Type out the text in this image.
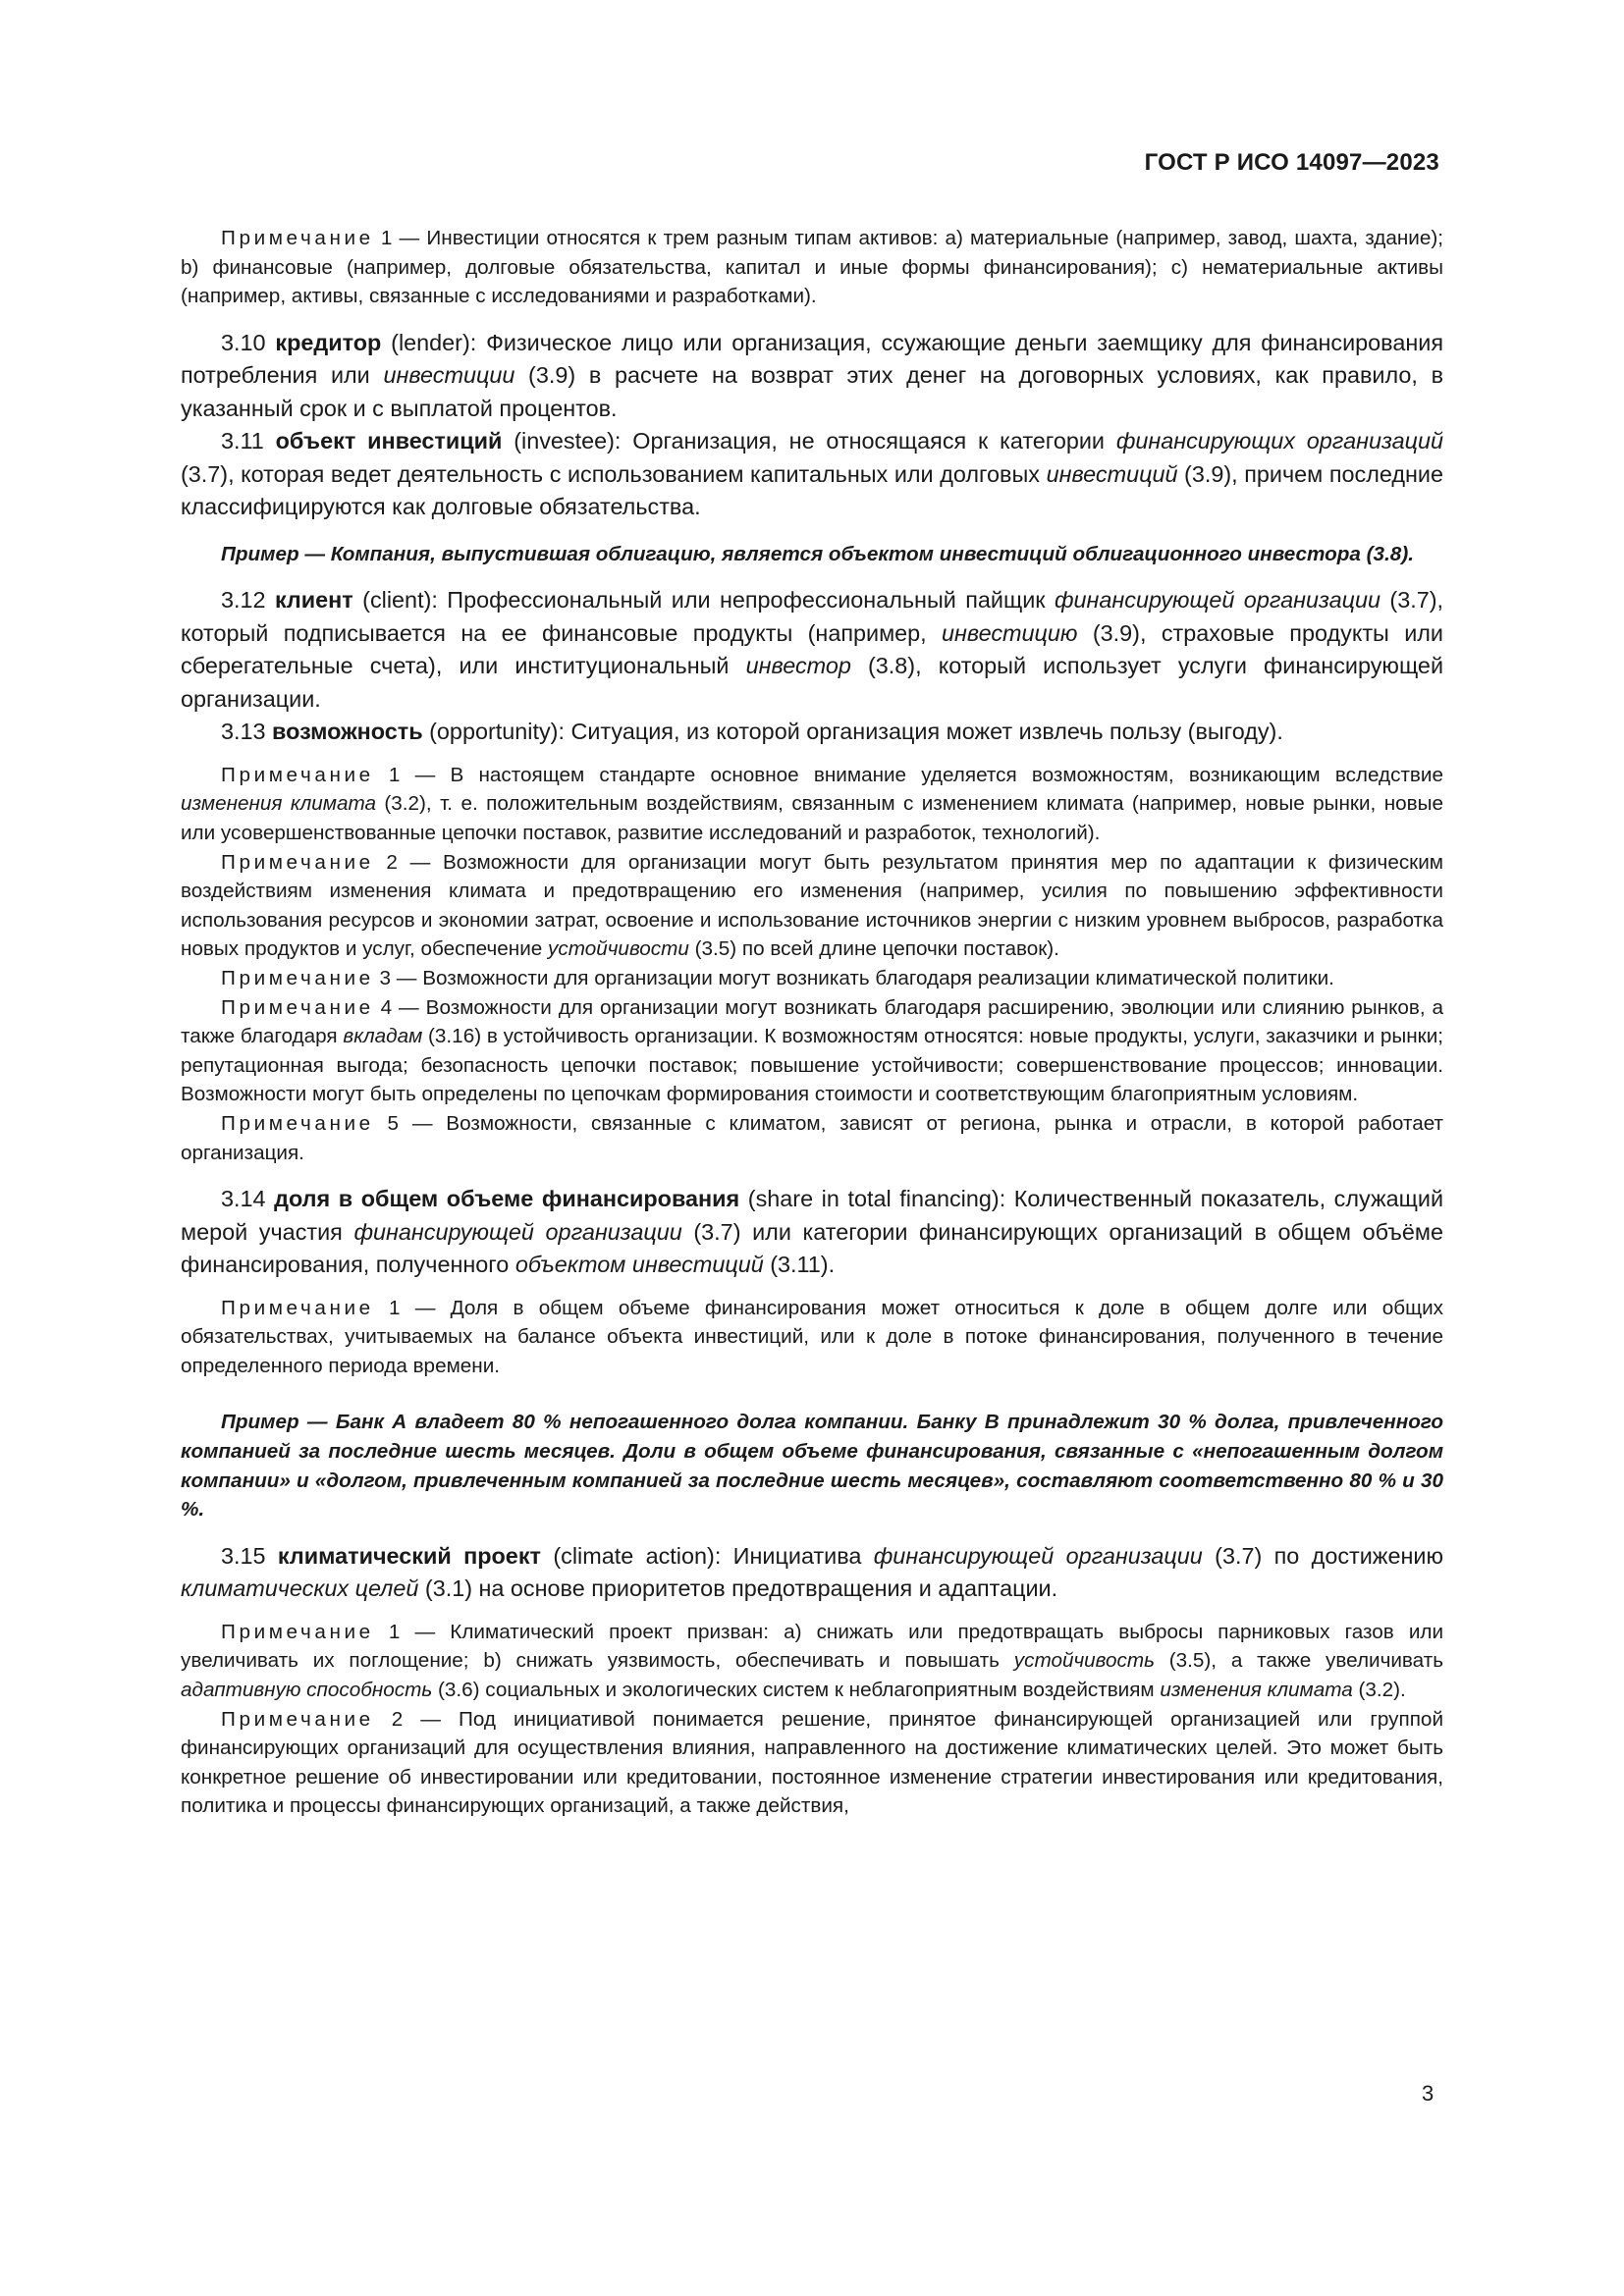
ГОСТ Р ИСО 14097—2023

Примечание 1 — Инвестиции относятся к трем разным типам активов: а) материальные (например, завод, шахта, здание); b) финансовые (например, долговые обязательства, капитал и иные формы финансирования); c) нематериальные активы (например, активы, связанные с исследованиями и разработками).

3.10 кредитор (lender): Физическое лицо или организация, ссужающие деньги заемщику для финансирования потребления или инвестиции (3.9) в расчете на возврат этих денег на договорных условиях, как правило, в указанный срок и с выплатой процентов.

3.11 объект инвестиций (investee): Организация, не относящаяся к категории финансирующих организаций (3.7), которая ведет деятельность с использованием капитальных или долговых инвестиций (3.9), причем последние классифицируются как долговые обязательства.

Пример — Компания, выпустившая облигацию, является объектом инвестиций облигационного инвестора (3.8).

3.12 клиент (client): Профессиональный или непрофессиональный пайщик финансирующей организации (3.7), который подписывается на ее финансовые продукты (например, инвестицию (3.9), страховые продукты или сберегательные счета), или институциональный инвестор (3.8), который использует услуги финансирующей организации.

3.13 возможность (opportunity): Ситуация, из которой организация может извлечь пользу (выгоду).

Примечание 1 — В настоящем стандарте основное внимание уделяется возможностям, возникающим вследствие изменения климата (3.2), т. е. положительным воздействиям, связанным с изменением климата (например, новые рынки, новые или усовершенствованные цепочки поставок, развитие исследований и разработок, технологий).

Примечание 2 — Возможности для организации могут быть результатом принятия мер по адаптации к физическим воздействиям изменения климата и предотвращению его изменения (например, усилия по повышению эффективности использования ресурсов и экономии затрат, освоение и использование источников энергии с низким уровнем выбросов, разработка новых продуктов и услуг, обеспечение устойчивости (3.5) по всей длине цепочки поставок).

Примечание 3 — Возможности для организации могут возникать благодаря реализации климатической политики.

Примечание 4 — Возможности для организации могут возникать благодаря расширению, эволюции или слиянию рынков, а также благодаря вкладам (3.16) в устойчивость организации. К возможностям относятся: новые продукты, услуги, заказчики и рынки; репутационная выгода; безопасность цепочки поставок; повышение устойчивости; совершенствование процессов; инновации. Возможности могут быть определены по цепочкам формирования стоимости и соответствующим благоприятным условиям.

Примечание 5 — Возможности, связанные с климатом, зависят от региона, рынка и отрасли, в которой работает организация.

3.14 доля в общем объеме финансирования (share in total financing): Количественный показатель, служащий мерой участия финансирующей организации (3.7) или категории финансирующих организаций в общем объёме финансирования, полученного объектом инвестиций (3.11).

Примечание 1 — Доля в общем объеме финансирования может относиться к доле в общем долге или общих обязательствах, учитываемых на балансе объекта инвестиций, или к доле в потоке финансирования, полученного в течение определенного периода времени.

Пример — Банк А владеет 80 % непогашенного долга компании. Банку В принадлежит 30 % долга, привлеченного компанией за последние шесть месяцев. Доли в общем объеме финансирования, связанные с «непогашенным долгом компании» и «долгом, привлеченным компанией за последние шесть месяцев», составляют соответственно 80 % и 30 %.

3.15 климатический проект (climate action): Инициатива финансирующей организации (3.7) по достижению климатических целей (3.1) на основе приоритетов предотвращения и адаптации.

Примечание 1 — Климатический проект призван: а) снижать или предотвращать выбросы парниковых газов или увеличивать их поглощение; b) снижать уязвимость, обеспечивать и повышать устойчивость (3.5), а также увеличивать адаптивную способность (3.6) социальных и экологических систем к неблагоприятным воздействиям изменения климата (3.2).

Примечание 2 — Под инициативой понимается решение, принятое финансирующей организацией или группой финансирующих организаций для осуществления влияния, направленного на достижение климатических целей. Это может быть конкретное решение об инвестировании или кредитовании, постоянное изменение стратегии инвестирования или кредитования, политика и процессы финансирующих организаций, а также действия,

3
